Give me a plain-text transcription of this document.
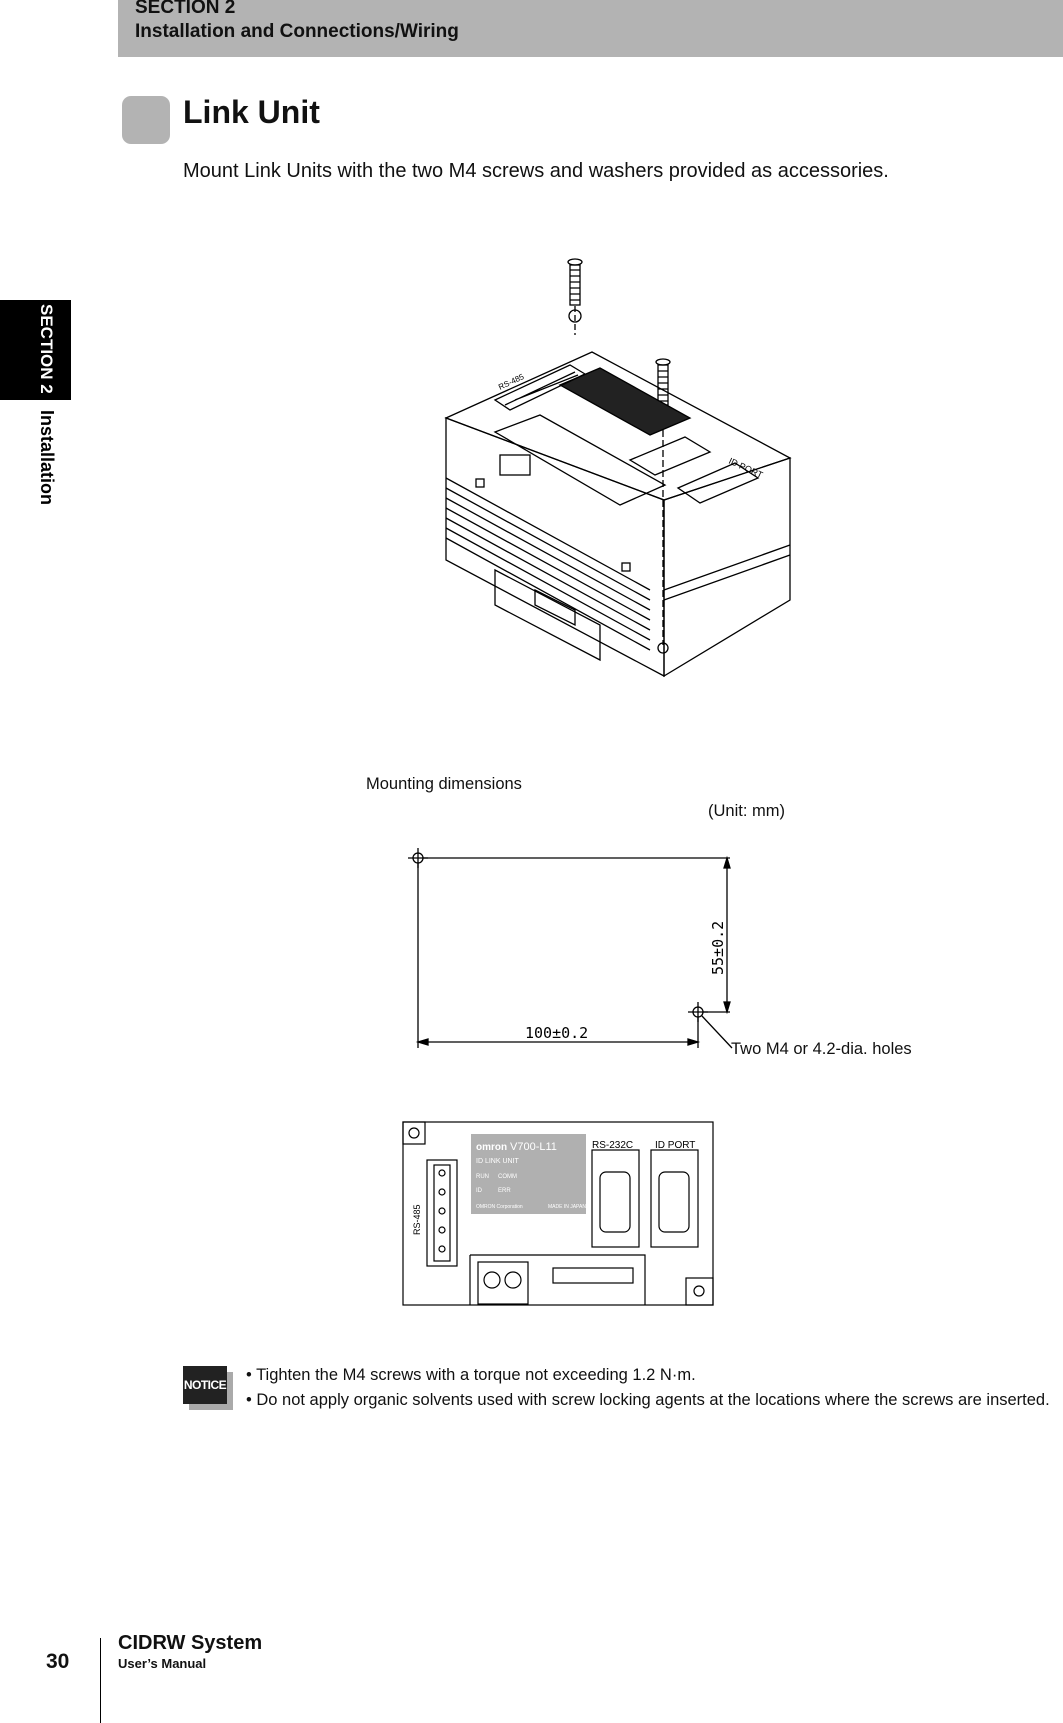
SECTION 2
Installation and Connections/Wiring
SECTION 2
Installation
Link Unit
Mount Link Units with the two M4 screws and washers provided as accessories.
RS-485
ID PORT
Mounting dimensions
(Unit: mm)
100±0.2
55±0.2
Two M4 or 4.2-dia. holes
omron V700-L11
ID LINK UNIT
RUN COMM
ID	ERR
OMRON Corporation	MADE IN JAPAN
RS-232C ID PORT
RS-485
NOTICE
• Tighten the M4 screws with a torque not exceeding 1.2 N·m.
• Do not apply organic solvents used with screw locking agents at the locations where the screws are inserted.
30
CIDRW System
User’s Manual
